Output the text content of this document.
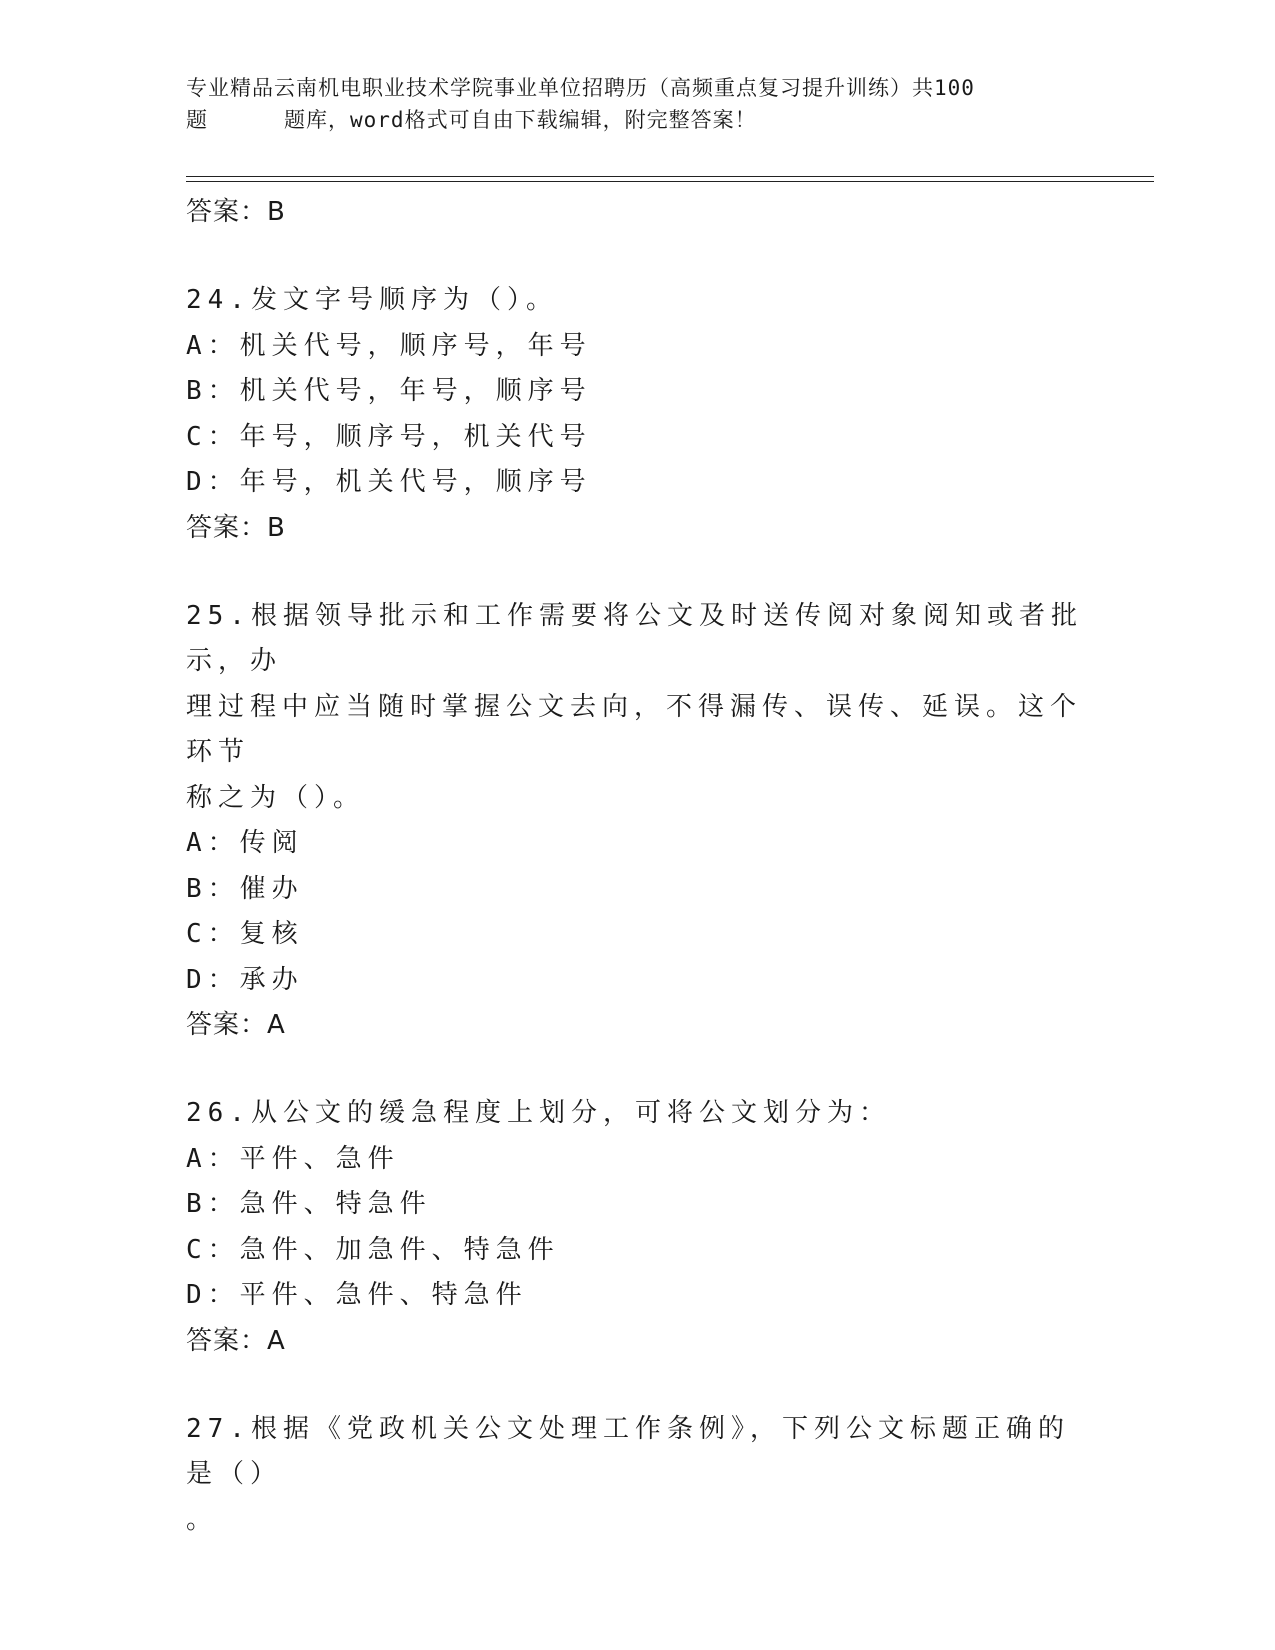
专业精品云南机电职业技术学院事业单位招聘历（高频重点复习提升训练）共100
题	题库，word格式可自由下载编辑，附完整答案！
答案：B
24.发文字号顺序为（）。
A：机关代号，顺序号，年号
B：机关代号，年号，顺序号
C：年号，顺序号，机关代号
D：年号，机关代号，顺序号
答案：B
25.根据领导批示和工作需要将公文及时送传阅对象阅知或者批示，办
理过程中应当随时掌握公文去向，不得漏传、误传、延误。这个环节
称之为（）。
A：传阅
B：催办
C：复核
D：承办
答案：A
26.从公文的缓急程度上划分，可将公文划分为：
A：平件、急件
B：急件、特急件
C：急件、加急件、特急件
D：平件、急件、特急件
答案：A
27.根据《党政机关公文处理工作条例》，下列公文标题正确的是（）
。
